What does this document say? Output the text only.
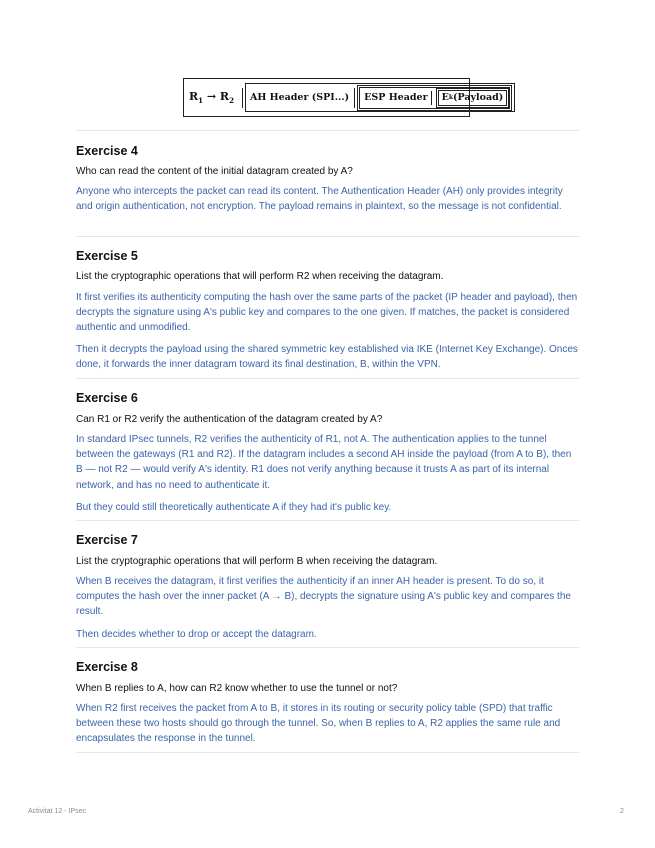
$R_1 \to R_2$	AH Header (SPI...) ESP Header E k (Payload)
Exercise 4

Who can read the content of the initial datagram created by A?

Anyone who intercepts the packet can read its content. The Authentication Header (AH) only provides integrity and origin authentication, not encryption. The payload remains in plaintext, so the message is not confidential.

Exercise 5

List the cryptographic operations that will perform R2 when receiving the datagram.

It first verifies its authenticity computing the hash over the same parts of the packet (IP header and payload), then decrypts the signature using A's public key and compares to the one given. If matches, the packet is considered authentic and unmodified.

Then it decrypts the payload using the shared symmetric key established via IKE (Internet Key Exchange). Onces done, it forwards the inner datagram toward its final destination, B, within the VPN.

Exercise 6

Can R1 or R2 verify the authentication of the datagram created by A?

In standard IPsec tunnels, R2 verifies the authenticity of R1, not A. The authentication applies to the tunnel between the gateways (R1 and R2). If the datagram includes a second AH inside the payload (from A to B), then B — not R2 — would verify A's identity. R1 does not verify anything because it trusts A as part of its internal network, and has no need to authenticate it.

But they could still theoretically authenticate A if they had it's public key.

Exercise 7

List the cryptographic operations that will perform B when receiving the datagram.

When B receives the datagram, it first verifies the authenticity if an inner AH header is present. To do so, it computes the hash over the inner packet (A → B), decrypts the signature using A's public key and compares the result.

Then decides whether to drop or accept the datagram.

Exercise 8

When B replies to A, how can R2 know whether to use the tunnel or not?

When R2 first receives the packet from A to B, it stores in its routing or security policy table (SPD) that traffic between these two hosts should go through the tunnel. So, when B replies to A, R2 applies the same rule and encapsulates the response in the tunnel.

Activitat 12 - IPsec	2
